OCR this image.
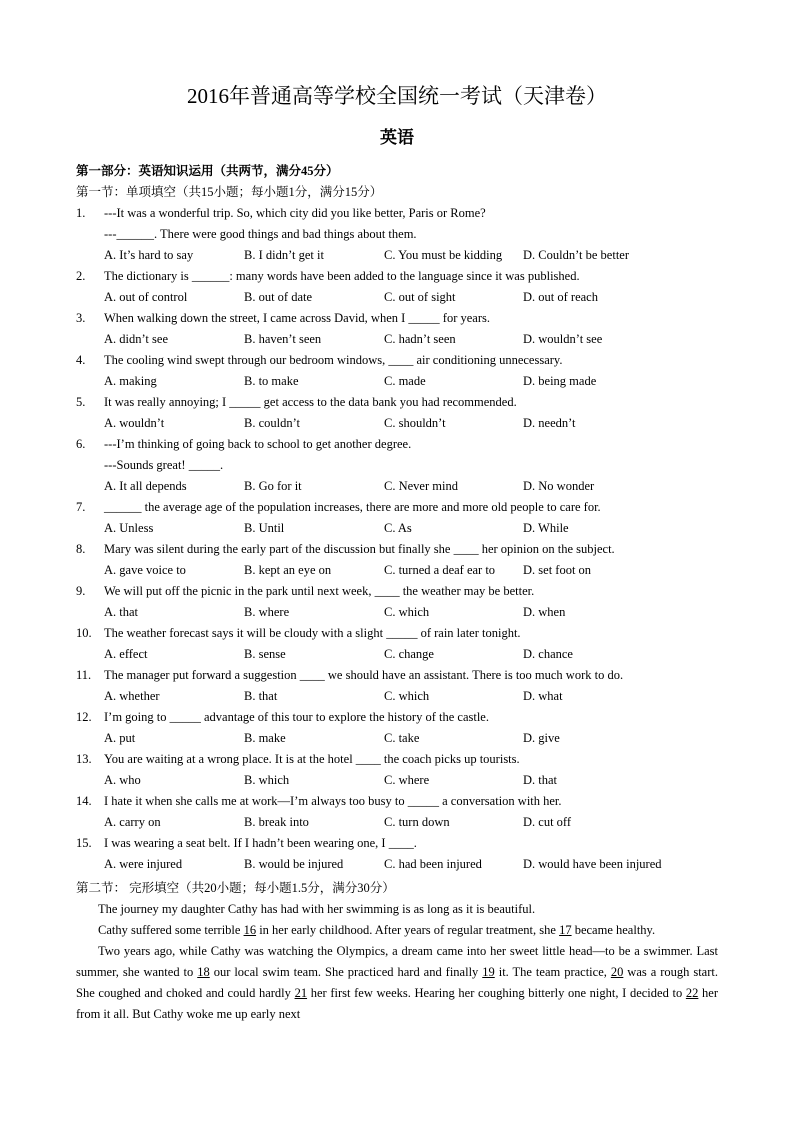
2016年普通高等学校全国统一考试（天津卷）
英语
第一部分：英语知识运用（共两节，满分45分）
第一节：单项填空（共15小题；每小题1分，满分15分）
1. ---It was a wonderful trip. So, which city did you like better, Paris or Rome?
---______. There were good things and bad things about them.
A. It’s hard to say	B. I didn’t get it	C. You must be kidding D. Couldn’t be better
2. The dictionary is ______: many words have been added to the language since it was published.
A. out of control	B. out of date	C. out of sight	D. out of reach
3. When walking down the street, I came across David, when I _____ for years.
A. didn’t see	B. haven’t seen	C. hadn’t seen	D. wouldn’t see
4. The cooling wind swept through our bedroom windows, ____ air conditioning unnecessary.
A. making	B. to make	C. made	D. being made
5. It was really annoying; I _____ get access to the data bank you had recommended.
A. wouldn’t	B. couldn’t	C. shouldn’t	D. needn’t
6. ---I’m thinking of going back to school to get another degree.
---Sounds great! _____.
A. It all depends	B. Go for it	C. Never mind	D. No wonder
7. ______ the average age of the population increases, there are more and more old people to care for.
A. Unless	B. Until	C. As	D. While
8. Mary was silent during the early part of the discussion but finally she ____ her opinion on the subject.
A. gave voice to	B. kept an eye on	C. turned a deaf ear to D. set foot on
9. We will put off the picnic in the park until next week, ____ the weather may be better.
A. that	B. where	C. which	D. when
10. The weather forecast says it will be cloudy with a slight _____ of rain later tonight.
A. effect	B. sense	C. change	D. chance
11. The manager put forward a suggestion ____ we should have an assistant. There is too much work to do.
A. whether	B. that	C. which	D. what
12. I’m going to _____ advantage of this tour to explore the history of the castle.
A. put	B. make	C. take	D. give
13. You are waiting at a wrong place. It is at the hotel ____ the coach picks up tourists.
A. who	B. which	C. where	D. that
14. I hate it when she calls me at work—I’m always too busy to _____ a conversation with her.
A. carry on	B. break into	C. turn down	D. cut off
15. I was wearing a seat belt. If I hadn’t been wearing one, I ____.
A. were injured	B. would be injured	C. had been injured	D. would have been injured
第二节： 完形填空（共20小题；每小题1.5分，满分30分）

The journey my daughter Cathy has had with her swimming is as long as it is beautiful.

Cathy suffered some terrible 16 in her early childhood. After years of regular treatment, she 17 became healthy.

Two years ago, while Cathy was watching the Olympics, a dream came into her sweet little head—to be a swimmer. Last summer, she wanted to 18 our local swim team. She practiced hard and finally 19 it. The team practice, 20 was a rough start. She coughed and choked and could hardly 21 her first few weeks. Hearing her coughing bitterly one night, I decided to 22 her from it all. But Cathy woke me up early next
